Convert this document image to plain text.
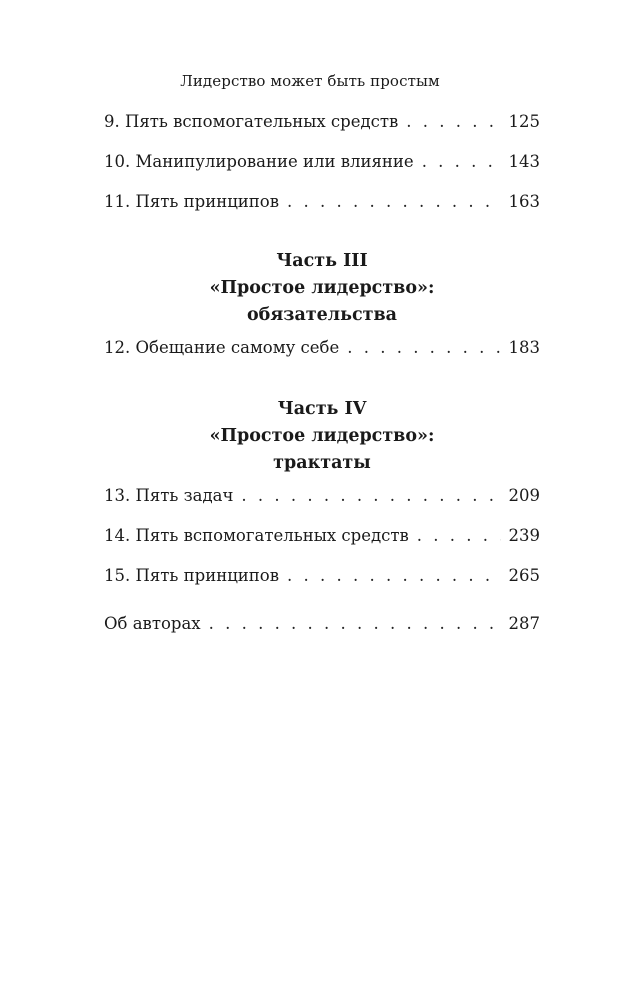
Лидерство может быть простым
9. Пять вспомогательных средств . . .	125
10. Манипулирование или влияние . . .	143
11. Пять принципов . . .	163
Часть III
«Простое лидерство»:
обязательства
12. Обещание самому себе . . .	183
Часть IV
«Простое лидерство»:
трактаты
13. Пять задач . . .	209
14. Пять вспомогательных средств . . .	239
15. Пять принципов . . .	265
Об авторах . . .	287
